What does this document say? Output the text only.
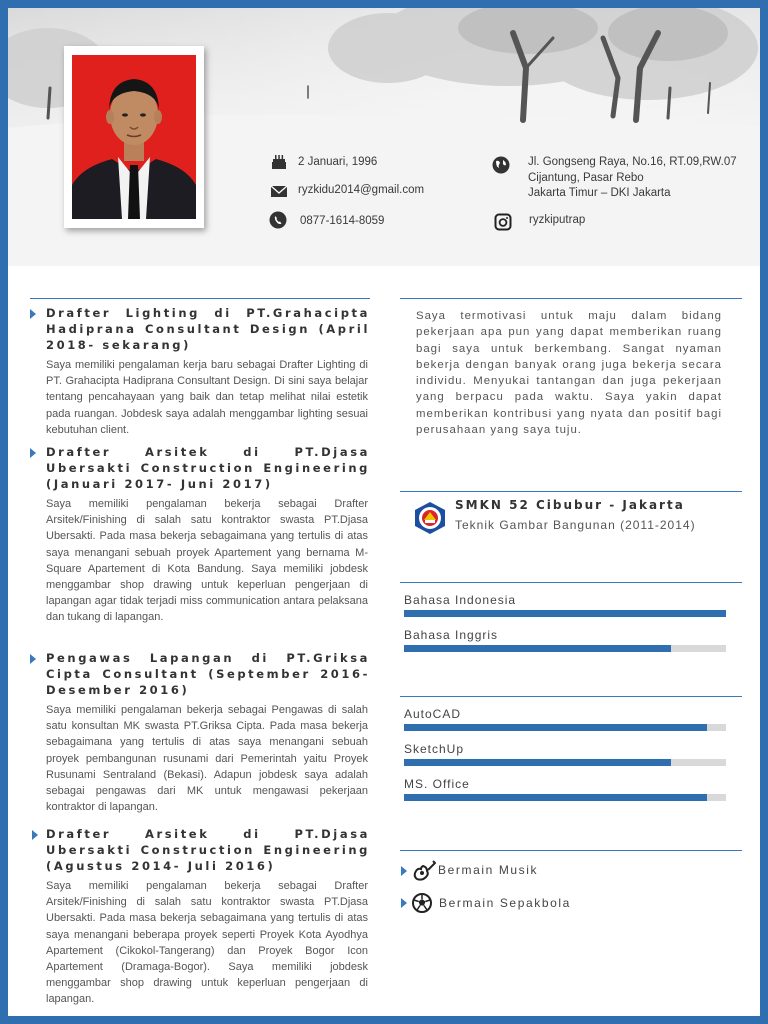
2 Januari, 1996
ryzkidu2014@gmail.com
0877-1614-8059
Jl. Gongseng Raya, No.16, RT.09,RW.07
Cijantung, Pasar Rebo
Jakarta Timur – DKI Jakarta
ryzkiputrap
Drafter Lighting di PT.Grahacipta Hadiprana Consultant Design (April 2018- sekarang)
Saya memiliki pengalaman kerja baru sebagai Drafter Lighting di PT. Grahacipta Hadiprana Consultant Design. Di sini saya belajar tentang pencahayaan yang baik dan tetap melihat nilai estetik pada ruangan. Jobdesk saya adalah menggambar lighting sesuai kebutuhan client.
Drafter Arsitek di PT.Djasa Ubersakti Construction Engineering (Januari 2017- Juni 2017)
Saya memiliki pengalaman bekerja sebagai Drafter Arsitek/Finishing di salah satu kontraktor swasta PT.Djasa Ubersakti. Pada masa bekerja sebagaimana yang tertulis di atas saya menangani sebuah proyek Apartement yang bernama M-Square Apartement di Kota Bandung. Saya memiliki jobdesk menggambar shop drawing untuk keperluan pengerjaan di lapangan agar tidak terjadi miss communication antara pelaksana dan tukang di lapangan.
Pengawas Lapangan di PT.Griksa Cipta Consultant (September 2016- Desember 2016)
Saya memiliki pengalaman bekerja sebagai Pengawas di salah satu konsultan MK swasta PT.Griksa Cipta. Pada masa bekerja sebagaimana yang tertulis di atas saya menangani sebuah proyek pembangunan rusunami dari Pemerintah yaitu Proyek Rusunami Sentraland (Bekasi). Adapun jobdesk saya adalah sebagai pengawas dari MK untuk mengawasi pekerjaan kontraktor di lapangan.
Drafter Arsitek di PT.Djasa Ubersakti Construction Engineering (Agustus 2014- Juli 2016)
Saya memiliki pengalaman bekerja sebagai Drafter Arsitek/Finishing di salah satu kontraktor swasta PT.Djasa Ubersakti. Pada masa bekerja sebagaimana yang tertulis di atas saya menangani beberapa proyek seperti Proyek Kota Ayodhya Apartement (Cikokol-Tangerang) dan Proyek Bogor Icon Apartement (Dramaga-Bogor). Saya memiliki jobdesk menggambar shop drawing untuk keperluan pengerjaan di lapangan.
Saya termotivasi untuk maju dalam bidang pekerjaan apa pun yang dapat memberikan ruang bagi saya untuk berkembang. Sangat nyaman bekerja dengan banyak orang juga bekerja secara individu. Menyukai tantangan dan juga pekerjaan yang berpacu pada waktu. Saya yakin dapat memberikan kontribusi yang nyata dan positif bagi perusahaan yang saya tuju.
SMKN 52 Cibubur - Jakarta
Teknik Gambar Bangunan (2011-2014)
Bahasa Indonesia
Bahasa Inggris
AutoCAD
SketchUp
MS. Office
Bermain Musik
Bermain Sepakbola
